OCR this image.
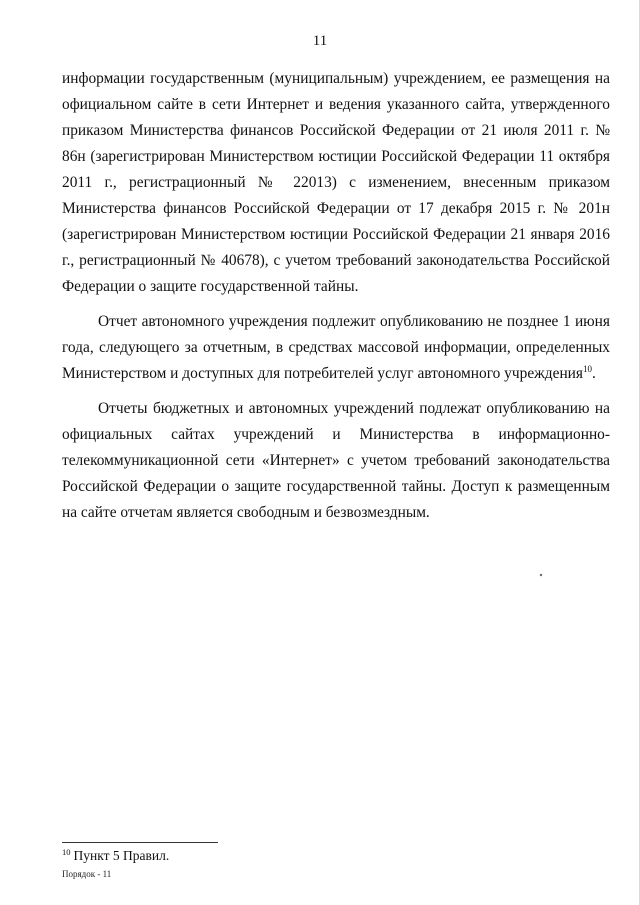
11

информации государственным (муниципальным) учреждением, ее размещения на официальном сайте в сети Интернет и ведения указанного сайта, утвержденного приказом Министерства финансов Российской Федерации от 21 июля 2011 г. № 86н (зарегистрирован Министерством юстиции Российской Федерации 11 октября 2011 г., регистрационный № 22013) с изменением, внесенным приказом Министерства финансов Российской Федерации от 17 декабря 2015 г. № 201н (зарегистрирован Министерством юстиции Российской Федерации 21 января 2016 г., регистрационный № 40678), с учетом требований законодательства Российской Федерации о защите государственной тайны.

Отчет автономного учреждения подлежит опубликованию не позднее 1 июня года, следующего за отчетным, в средствах массовой информации, определенных Министерством и доступных для потребителей услуг автономного учреждения$^{10}$.

Отчеты бюджетных и автономных учреждений подлежат опубликованию на официальных сайтах учреждений и Министерства в информационно-телекоммуникационной сети «Интернет» с учетом требований законодательства Российской Федерации о защите государственной тайны. Доступ к размещенным на сайте отчетам является свободным и безвозмездным.

$^{10}$ Пункт 5 Правил.
Порядок - 11
